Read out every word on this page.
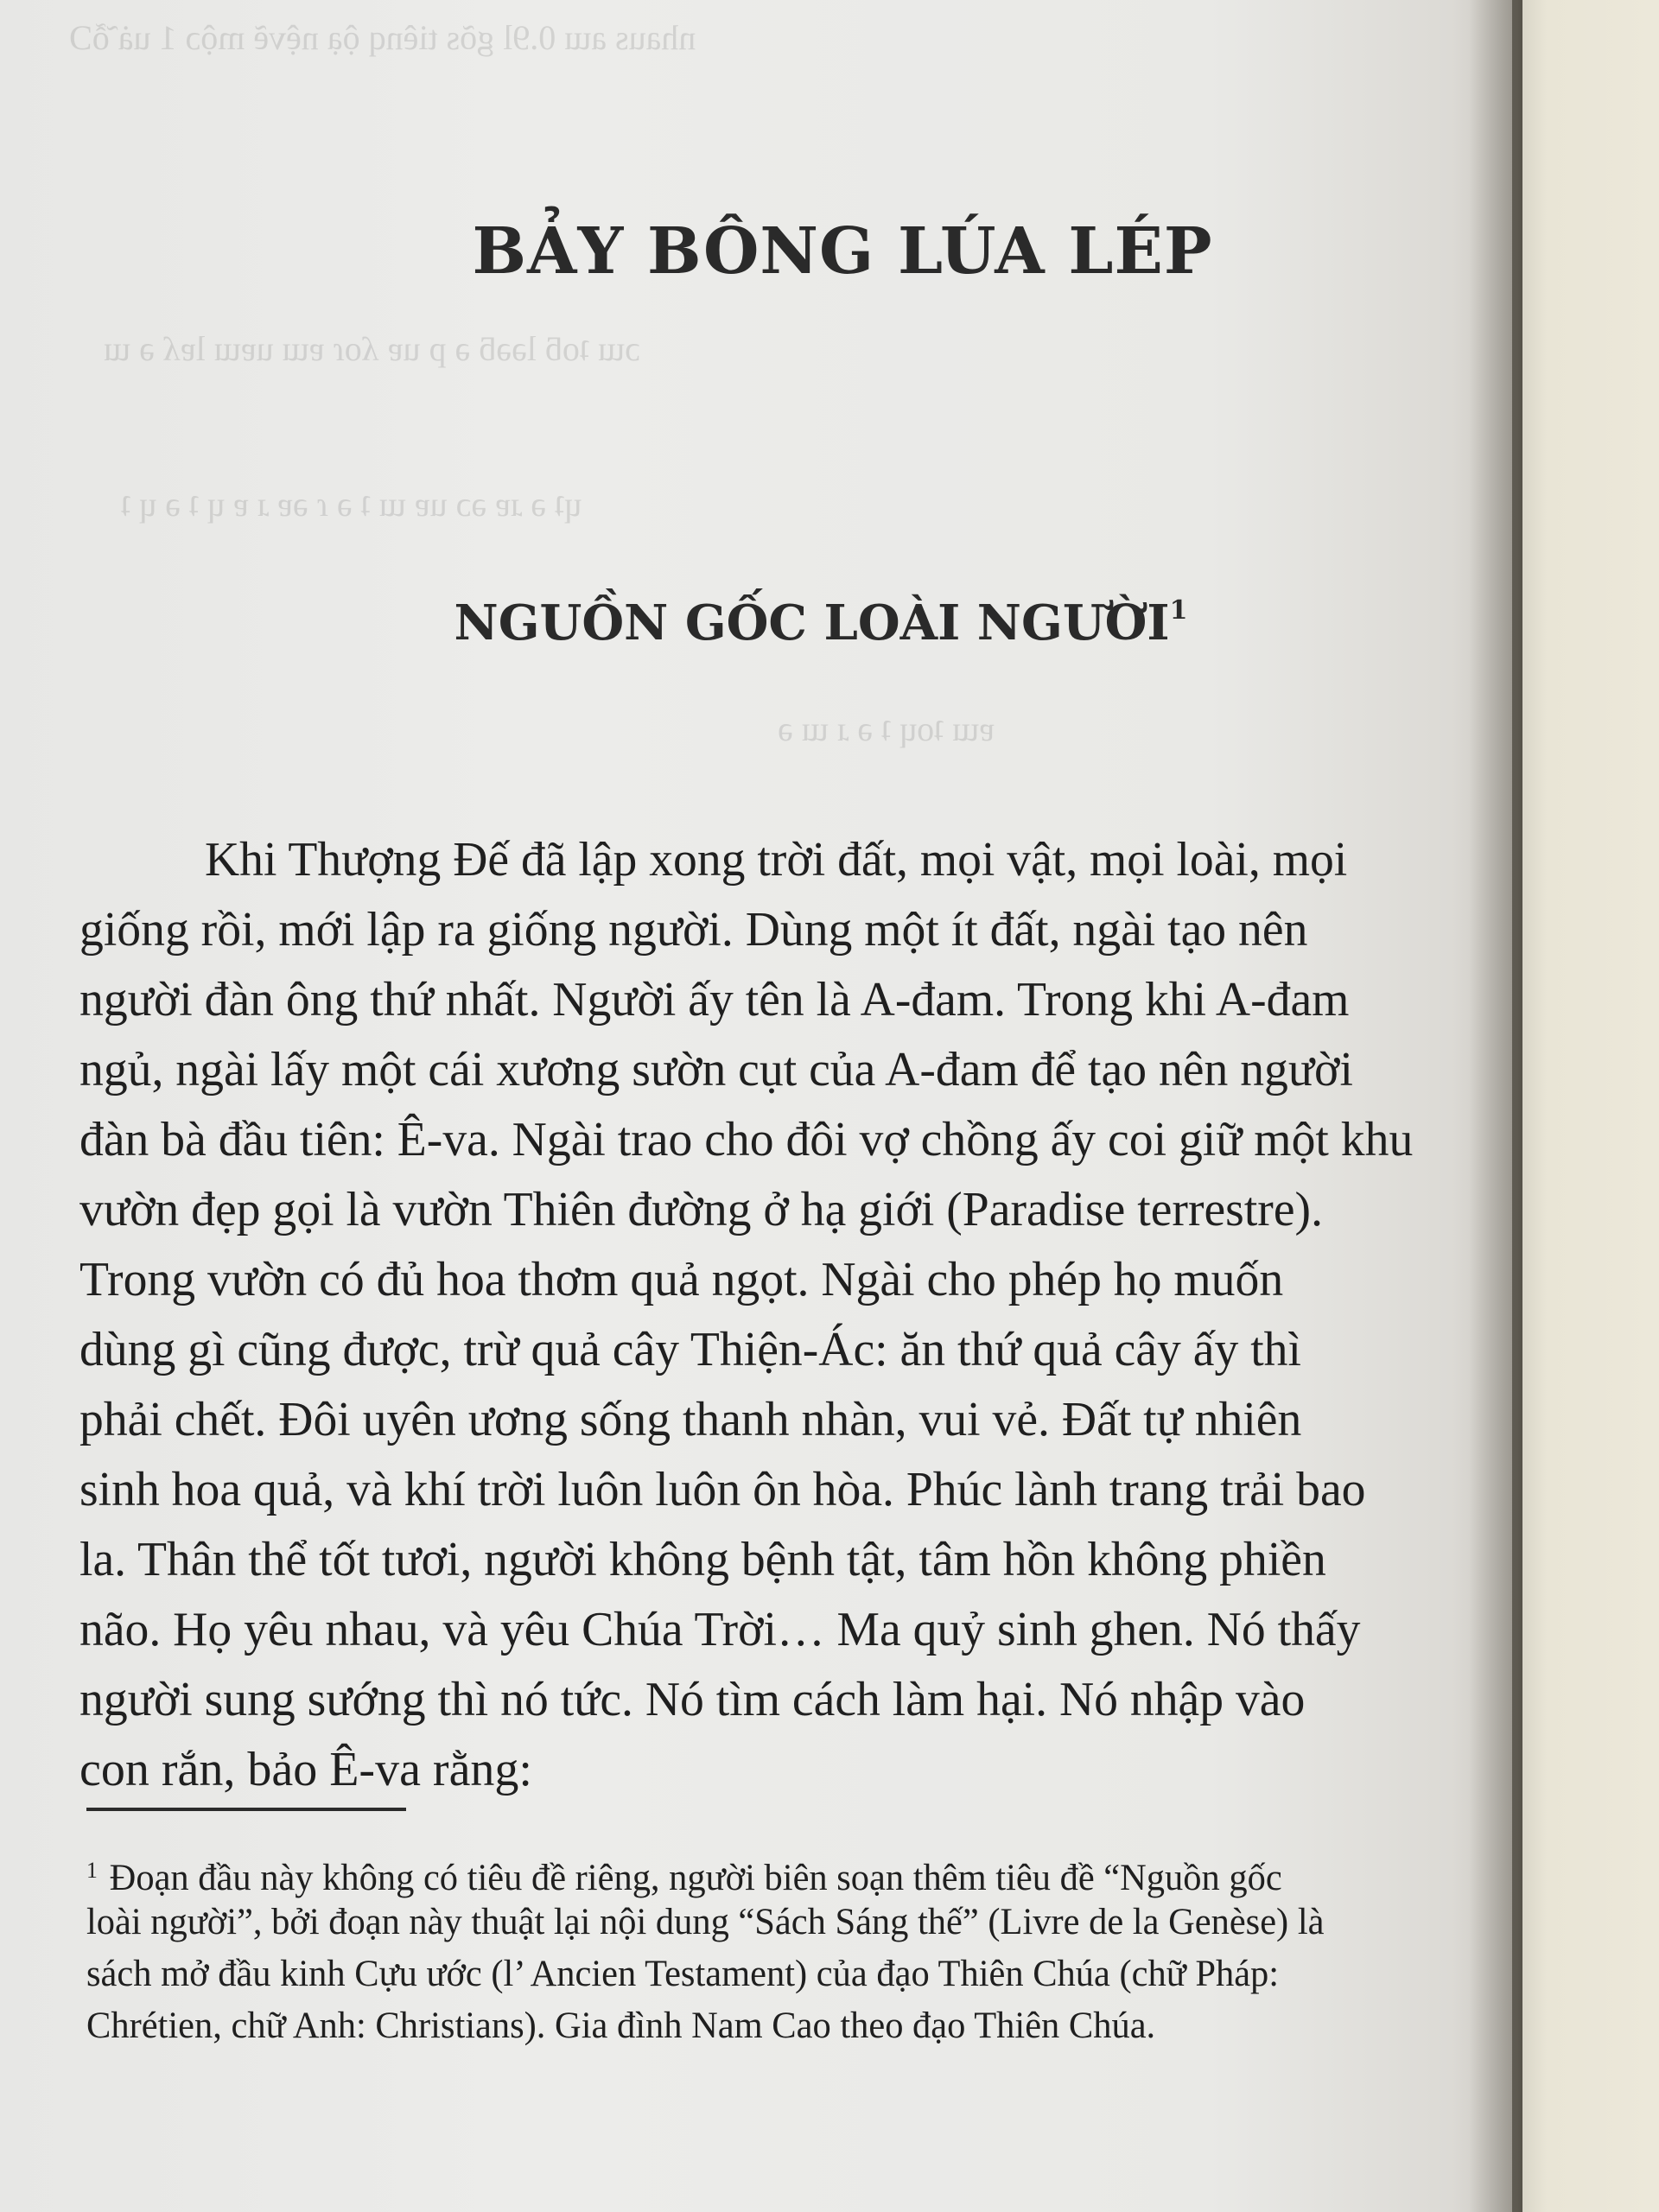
nhaus aɯ 0.9l gõs tiênq ộạ nệvẽ mộɔ 1 uȧ̃ ỗƆ

ɔɯ ʇoƃ lǝǝƃ ǝ p uɐ ʎoɾ ɐɯ uɐɯ lɐʎ ǝ ɯ

ɥʇ ǝ ɹɐ ǝɔ uɐ ɯ ʇ ǝ ɾ ǝɐ ɹ ɐ ɥ ʇ ǝ ɥ ʇ

ɐɯ ʇoɥ ʇ ǝ ɹ ɯ ǝ

BẢY BÔNG LÚA LÉP
NGUỒN GỐC LOÀI NGƯỜI$^1$
Khi Thượng Đế đã lập xong trời đất, mọi vật, mọi loài, mọi
giống rồi, mới lập ra giống người. Dùng một ít đất, ngài tạo nên
người đàn ông thứ nhất. Người ấy tên là A-đam. Trong khi A-đam
ngủ, ngài lấy một cái xương sườn cụt của A-đam để tạo nên người
đàn bà đầu tiên: Ê-va. Ngài trao cho đôi vợ chồng ấy coi giữ một khu
vườn đẹp gọi là vườn Thiên đường ở hạ giới (Paradise terrestre).
Trong vườn có đủ hoa thơm quả ngọt. Ngài cho phép họ muốn
dùng gì cũng được, trừ quả cây Thiện-Ác: ăn thứ quả cây ấy thì
phải chết. Đôi uyên ương sống thanh nhàn, vui vẻ. Đất tự nhiên
sinh hoa quả, và khí trời luôn luôn ôn hòa. Phúc lành trang trải bao
la. Thân thể tốt tươi, người không bệnh tật, tâm hồn không phiền
não. Họ yêu nhau, và yêu Chúa Trời… Ma quỷ sinh ghen. Nó thấy
người sung sướng thì nó tức. Nó tìm cách làm hại. Nó nhập vào
con rắn, bảo Ê-va rằng:
$^1$ Đoạn đầu này không có tiêu đề riêng, người biên soạn thêm tiêu đề “Nguồn gốc
loài người”, bởi đoạn này thuật lại nội dung “Sách Sáng thế” (Livre de la Genèse) là
sách mở đầu kinh Cựu ước (l’ Ancien Testament) của đạo Thiên Chúa (chữ Pháp:
Chrétien, chữ Anh: Christians). Gia đình Nam Cao theo đạo Thiên Chúa.
